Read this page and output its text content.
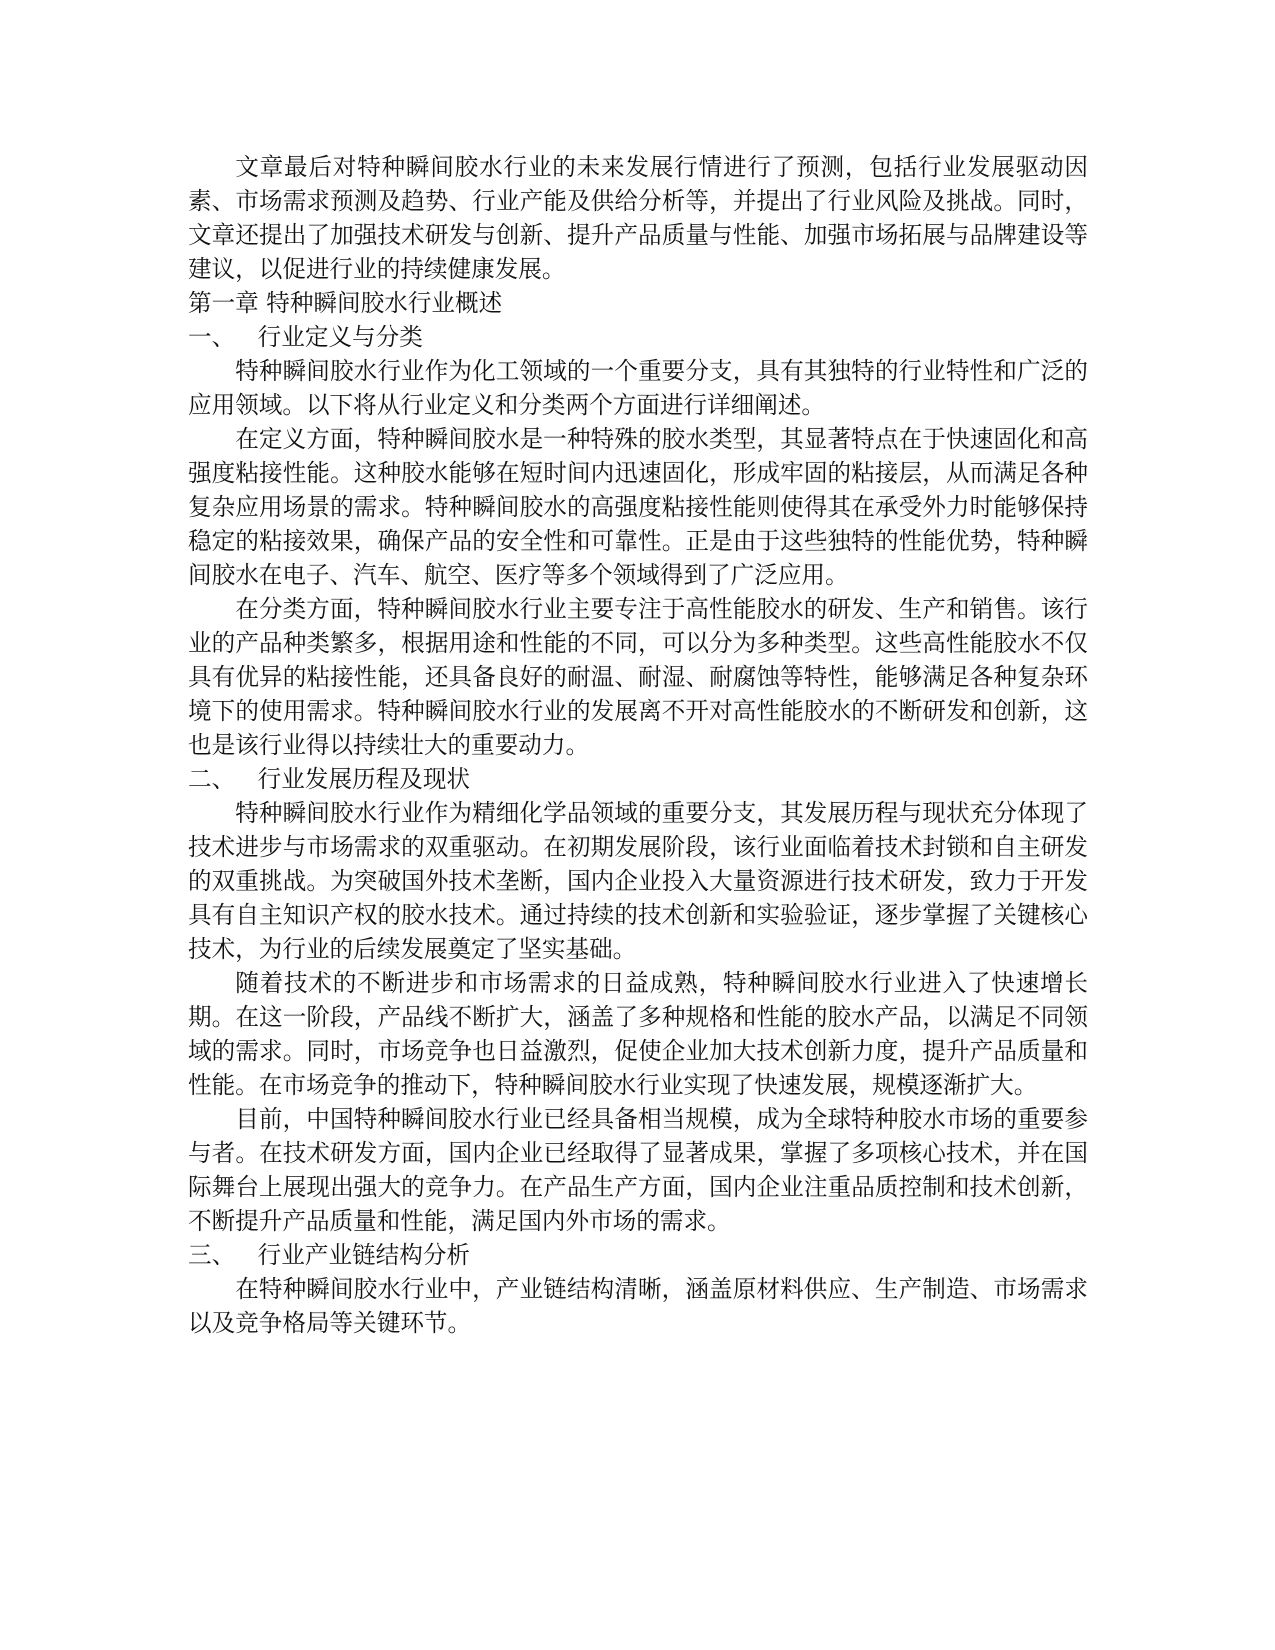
文章最后对特种瞬间胶水行业的未来发展行情进行了预测，包括行业发展驱动因素、市场需求预测及趋势、行业产能及供给分析等，并提出了行业风险及挑战。同时，文章还提出了加强技术研发与创新、提升产品质量与性能、加强市场拓展与品牌建设等建议，以促进行业的持续健康发展。

第一章 特种瞬间胶水行业概述
一、   行业定义与分类

特种瞬间胶水行业作为化工领域的一个重要分支，具有其独特的行业特性和广泛的应用领域。以下将从行业定义和分类两个方面进行详细阐述。

在定义方面，特种瞬间胶水是一种特殊的胶水类型，其显著特点在于快速固化和高强度粘接性能。这种胶水能够在短时间内迅速固化，形成牢固的粘接层，从而满足各种复杂应用场景的需求。特种瞬间胶水的高强度粘接性能则使得其在承受外力时能够保持稳定的粘接效果，确保产品的安全性和可靠性。正是由于这些独特的性能优势，特种瞬间胶水在电子、汽车、航空、医疗等多个领域得到了广泛应用。

在分类方面，特种瞬间胶水行业主要专注于高性能胶水的研发、生产和销售。该行业的产品种类繁多，根据用途和性能的不同，可以分为多种类型。这些高性能胶水不仅具有优异的粘接性能，还具备良好的耐温、耐湿、耐腐蚀等特性，能够满足各种复杂环境下的使用需求。特种瞬间胶水行业的发展离不开对高性能胶水的不断研发和创新，这也是该行业得以持续壮大的重要动力。

二、   行业发展历程及现状

特种瞬间胶水行业作为精细化学品领域的重要分支，其发展历程与现状充分体现了技术进步与市场需求的双重驱动。在初期发展阶段，该行业面临着技术封锁和自主研发的双重挑战。为突破国外技术垄断，国内企业投入大量资源进行技术研发，致力于开发具有自主知识产权的胶水技术。通过持续的技术创新和实验验证，逐步掌握了关键核心技术，为行业的后续发展奠定了坚实基础。

随着技术的不断进步和市场需求的日益成熟，特种瞬间胶水行业进入了快速增长期。在这一阶段，产品线不断扩大，涵盖了多种规格和性能的胶水产品，以满足不同领域的需求。同时，市场竞争也日益激烈，促使企业加大技术创新力度，提升产品质量和性能。在市场竞争的推动下，特种瞬间胶水行业实现了快速发展，规模逐渐扩大。

目前，中国特种瞬间胶水行业已经具备相当规模，成为全球特种胶水市场的重要参与者。在技术研发方面，国内企业已经取得了显著成果，掌握了多项核心技术，并在国际舞台上展现出强大的竞争力。在产品生产方面，国内企业注重品质控制和技术创新，不断提升产品质量和性能，满足国内外市场的需求。

三、   行业产业链结构分析

在特种瞬间胶水行业中，产业链结构清晰，涵盖原材料供应、生产制造、市场需求以及竞争格局等关键环节。
